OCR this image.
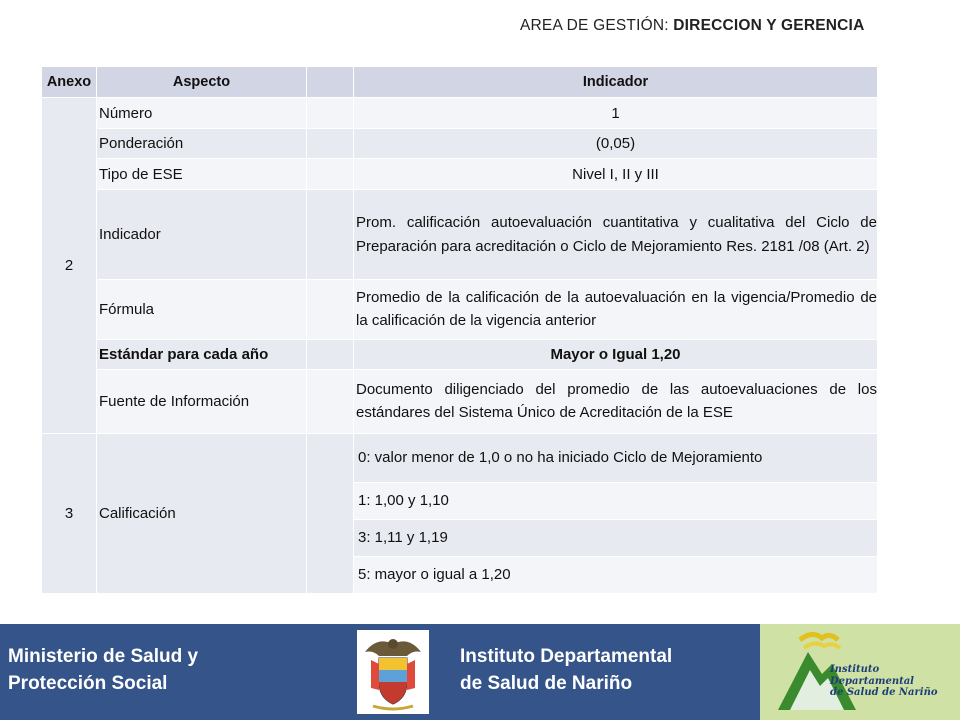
AREA DE GESTIÓN: DIRECCION Y GERENCIA
Anexo	Aspecto		Indicador
2	Número		1
	Ponderación		(0,05)
	Tipo de ESE		Nivel I, II y III
	Indicador		Prom. calificación autoevaluación cuantitativa y cualitativa del Ciclo de Preparación para acreditación o Ciclo de Mejoramiento Res. 2181 /08 (Art. 2)
	Fórmula		Promedio de la calificación de la autoevaluación en la vigencia/Promedio de la calificación de la vigencia anterior
	Estándar para cada año		Mayor o Igual 1,20
	Fuente de Información		Documento diligenciado del promedio de las autoevaluaciones de los estándares del Sistema Único de Acreditación de la ESE
3	Calificación		0: valor menor de 1,0 o no ha iniciado Ciclo de Mejoramiento
			1: 1,00 y 1,10
			3: 1,11 y 1,19
			5: mayor o igual a 1,20
Ministerio de Salud y
Protección Social
Instituto Departamental
de Salud de Nariño
Instituto
Departamental
de Salud de Nariño
